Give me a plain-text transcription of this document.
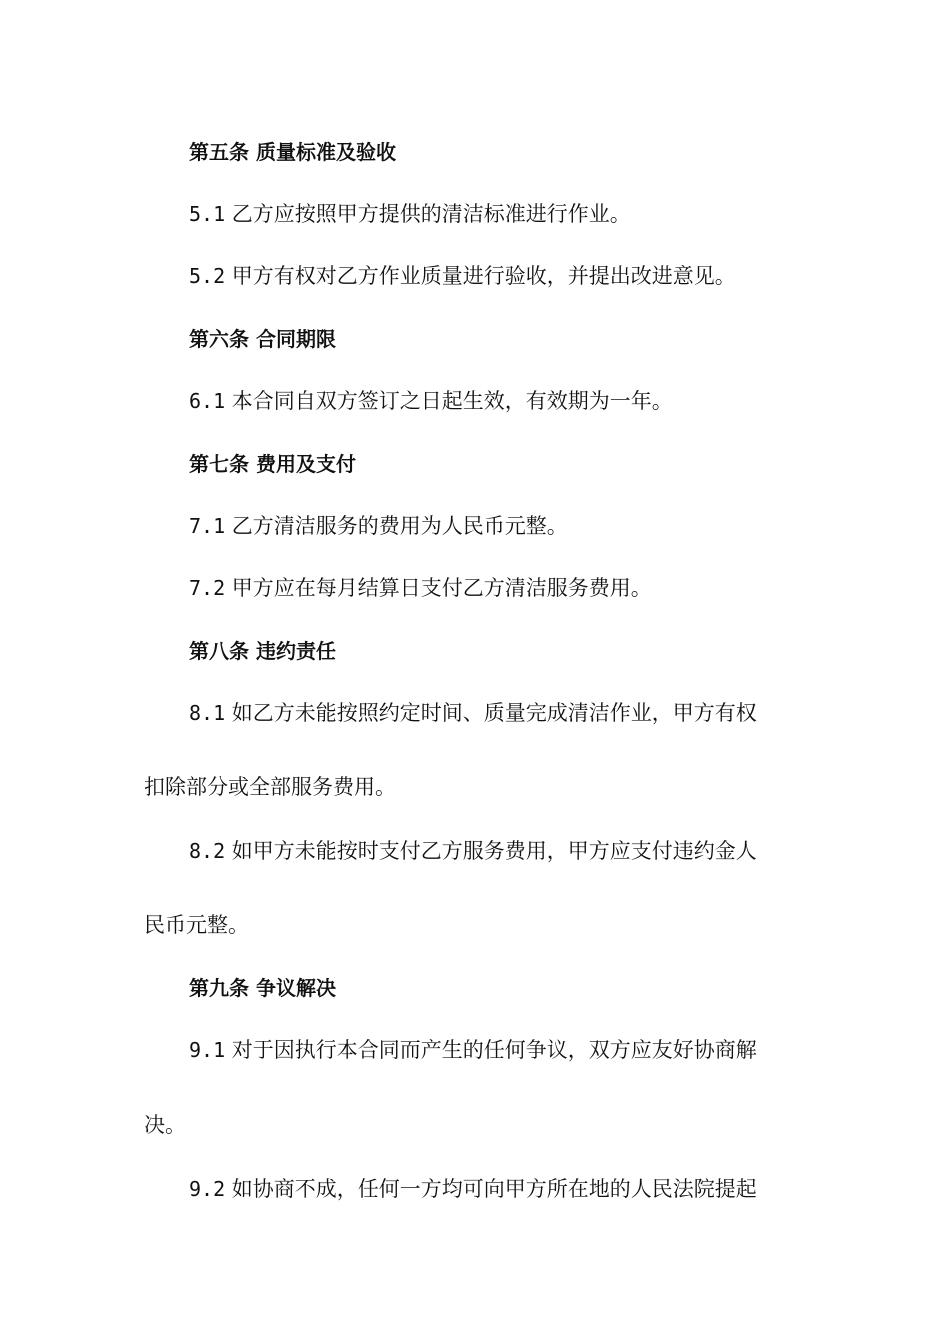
第五条 质量标准及验收
5.1 乙方应按照甲方提供的清洁标准进行作业。
5.2 甲方有权对乙方作业质量进行验收，并提出改进意见。
第六条 合同期限
6.1 本合同自双方签订之日起生效，有效期为一年。
第七条 费用及支付
7.1 乙方清洁服务的费用为人民币元整。
7.2 甲方应在每月结算日支付乙方清洁服务费用。
第八条 违约责任
8.1 如乙方未能按照约定时间、质量完成清洁作业，甲方有权
扣除部分或全部服务费用。
8.2 如甲方未能按时支付乙方服务费用，甲方应支付违约金人
民币元整。
第九条 争议解决
9.1 对于因执行本合同而产生的任何争议，双方应友好协商解
决。
9.2 如协商不成，任何一方均可向甲方所在地的人民法院提起
